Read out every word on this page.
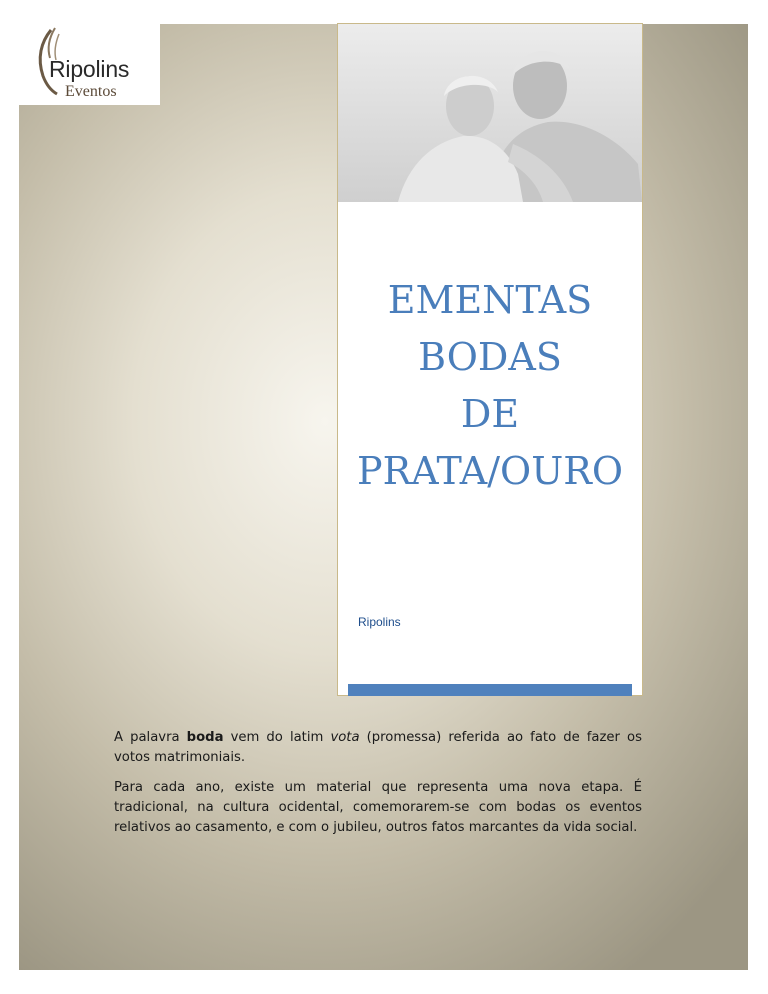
Ripolins
Eventos
EMENTAS
BODAS
DE
PRATA/OURO
Ripolins

A palavra boda vem do latim vota (promessa) referida ao fato de fazer os votos matrimoniais.

Para cada ano, existe um material que representa uma nova etapa. É tradicional, na cultura ocidental, comemorarem-se com bodas os eventos relativos ao casamento, e com o jubileu, outros fatos marcantes da vida social.
